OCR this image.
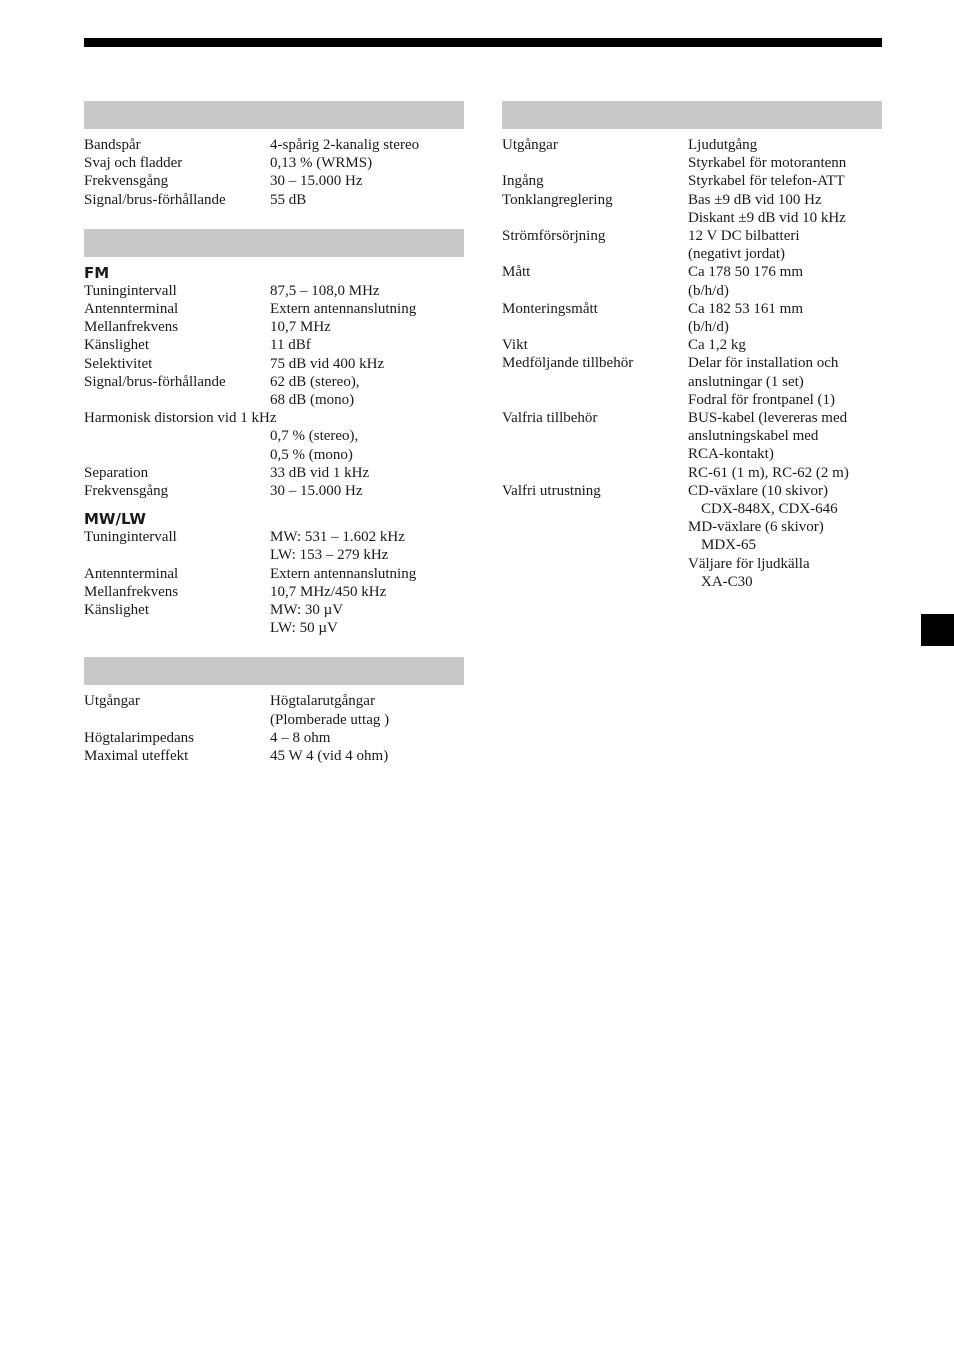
Bandspår	4-spårig 2-kanalig stereo
Svaj och fladder	0,13 % (WRMS)
Frekvensgång	30 – 15.000 Hz
Signal/brus-förhållande	55 dB
FM
Tuningintervall	87,5 – 108,0 MHz
Antennterminal	Extern antennanslutning
Mellanfrekvens	10,7 MHz
Känslighet	11 dBf
Selektivitet	75 dB vid 400 kHz
Signal/brus-förhållande	62 dB (stereo),
68 dB (mono)
Harmonisk distorsion vid 1 kHz
0,7 % (stereo),
0,5 % (mono)
Separation	33 dB vid 1 kHz
Frekvensgång	30 – 15.000 Hz
MW/LW
Tuningintervall	MW: 531 – 1.602 kHz
LW: 153 – 279 kHz
Antennterminal	Extern antennanslutning
Mellanfrekvens	10,7 MHz/450 kHz
Känslighet	MW: 30 µV
LW: 50 µV
Utgångar	Högtalarutgångar
(Plomberade uttag )
Högtalarimpedans	4 – 8 ohm
Maximal uteffekt	45 W 4 (vid 4 ohm)
Utgångar	Ljudutgång
Styrkabel för motorantenn
Ingång	Styrkabel för telefon-ATT
Tonklangreglering	Bas ±9 dB vid 100 Hz
Diskant ±9 dB vid 10 kHz
Strömförsörjning	12 V DC bilbatteri
(negativt jordat)
Mått	Ca 178 50 176 mm
(b/h/d)
Monteringsmått	Ca 182 53 161 mm
(b/h/d)
Vikt	Ca 1,2 kg
Medföljande tillbehör	Delar för installation och
anslutningar (1 set)
Fodral för frontpanel (1)
Valfria tillbehör	BUS-kabel (levereras med
anslutningskabel med
RCA-kontakt)
RC-61 (1 m), RC-62 (2 m)
Valfri utrustning	CD-växlare (10 skivor)
CDX-848X, CDX-646
MD-växlare (6 skivor)
MDX-65
Väljare för ljudkälla
XA-C30
